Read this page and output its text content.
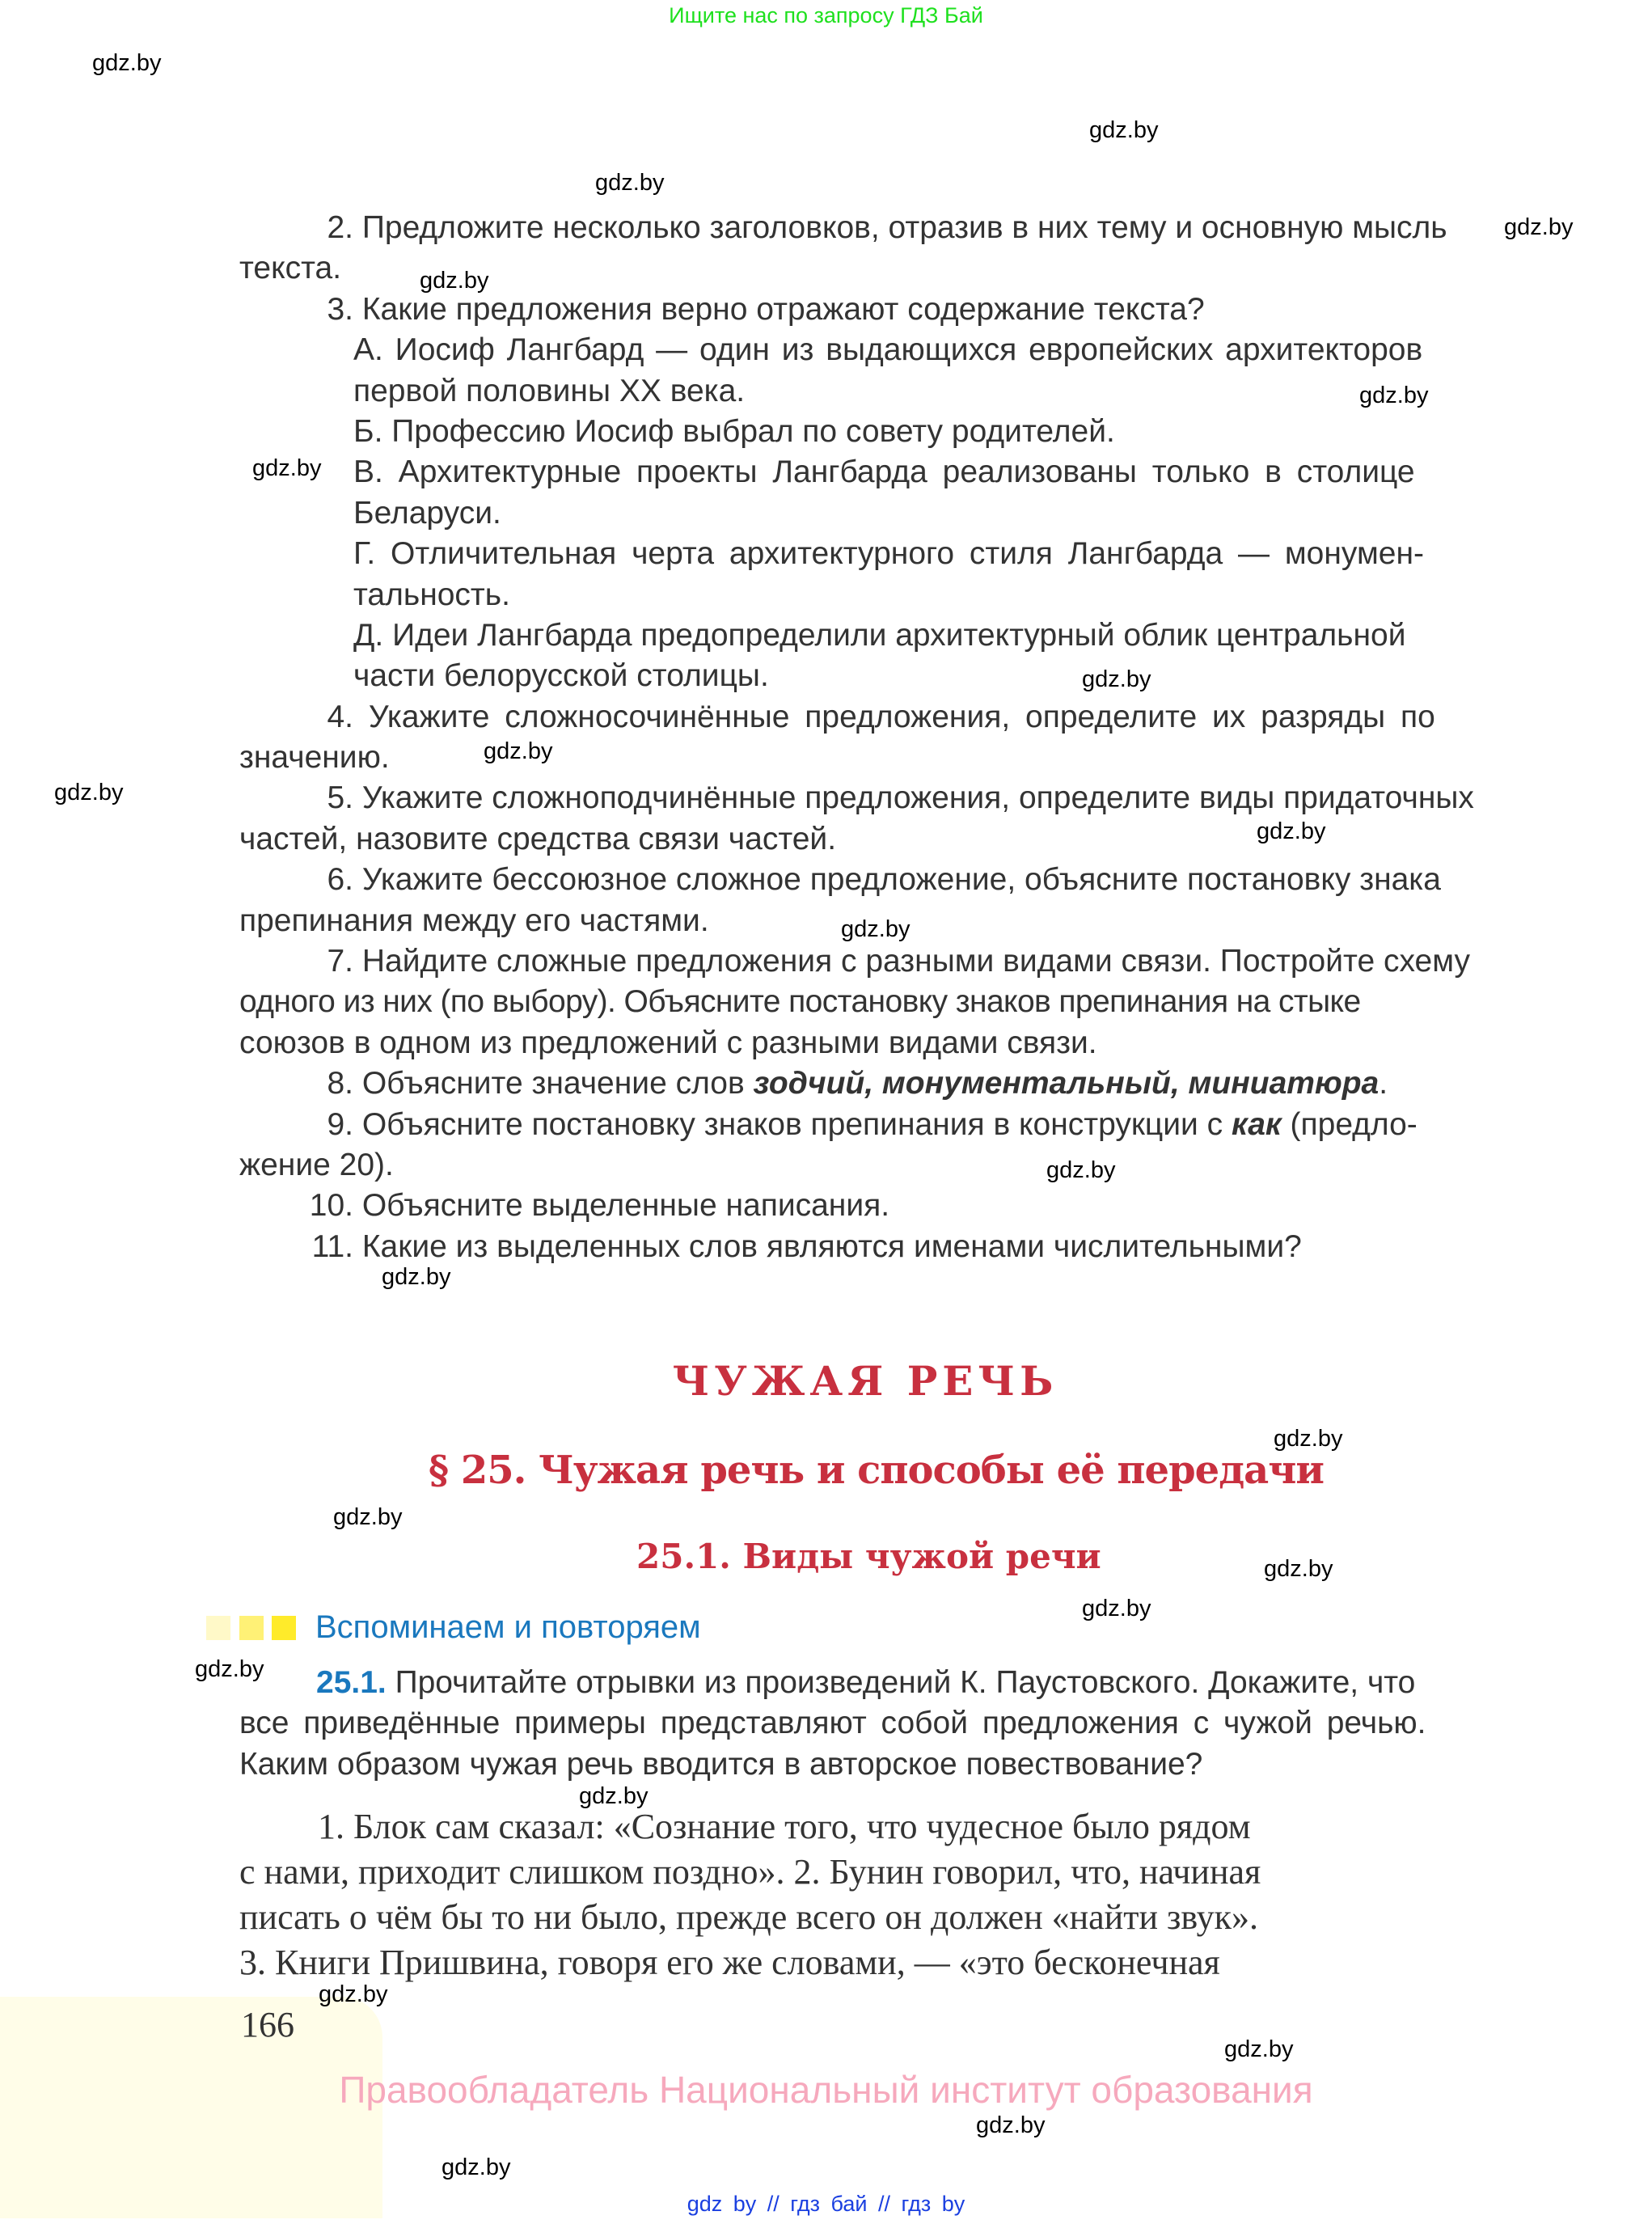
Ищите нас по запросу ГДЗ Бай
2. Предложите несколько заголовков, отразив в них тему и основную мысль
текста.
3. Какие предложения верно отражают содержание текста?
А. Иосиф Лангбард — один из выдающихся европейских архитекторов
первой половины XX века.
Б. Профессию Иосиф выбрал по совету родителей.
В. Архитектурные проекты Лангбарда реализованы только в столице
Беларуси.
Г. Отличительная черта архитектурного стиля Лангбарда — монумен-
тальность.
Д. Идеи Лангбарда предопределили архитектурный облик центральной
части белорусской столицы.
4. Укажите сложносочинённые предложения, определите их разряды по
значению.
5. Укажите сложноподчинённые предложения, определите виды придаточных
частей, назовите средства связи частей.
6. Укажите бессоюзное сложное предложение, объясните постановку знака
препинания между его частями.
7. Найдите сложные предложения с разными видами связи. Постройте схему
одного из них (по выбору). Объясните постановку знаков препинания на стыке
союзов в одном из предложений с разными видами связи.
8. Объясните значение слов зодчий, монументальный, миниатюра.
9. Объясните постановку знаков препинания в конструкции с как (предло-
жение 20).
10. Объясните выделенные написания.
11. Какие из выделенных слов являются именами числительными?
ЧУЖАЯ РЕЧЬ
§ 25. Чужая речь и способы её передачи
25.1. Виды чужой речи
Вспоминаем и повторяем
25.1. Прочитайте отрывки из произведений К. Паустовского. Докажите, что
все приведённые примеры представляют собой предложения с чужой речью.
Каким образом чужая речь вводится в авторское повествование?
1. Блок сам сказал: «Сознание того, что чудесное было рядом
с нами, приходит слишком поздно». 2. Бунин говорил, что, начиная
писать о чём бы то ни было, прежде всего он должен «найти звук».
3. Книги Пришвина, говоря его же словами, — «это бесконечная
166
Правообладатель Национальный институт образования
gdz by // гдз бай // гдз by
gdz.by
gdz.by
gdz.by
gdz.by
gdz.by
gdz.by
gdz.by
gdz.by
gdz.by
gdz.by
gdz.by
gdz.by
gdz.by
gdz.by
gdz.by
gdz.by
gdz.by
gdz.by
gdz.by
gdz.by
gdz.by
gdz.by
gdz.by
gdz.by
